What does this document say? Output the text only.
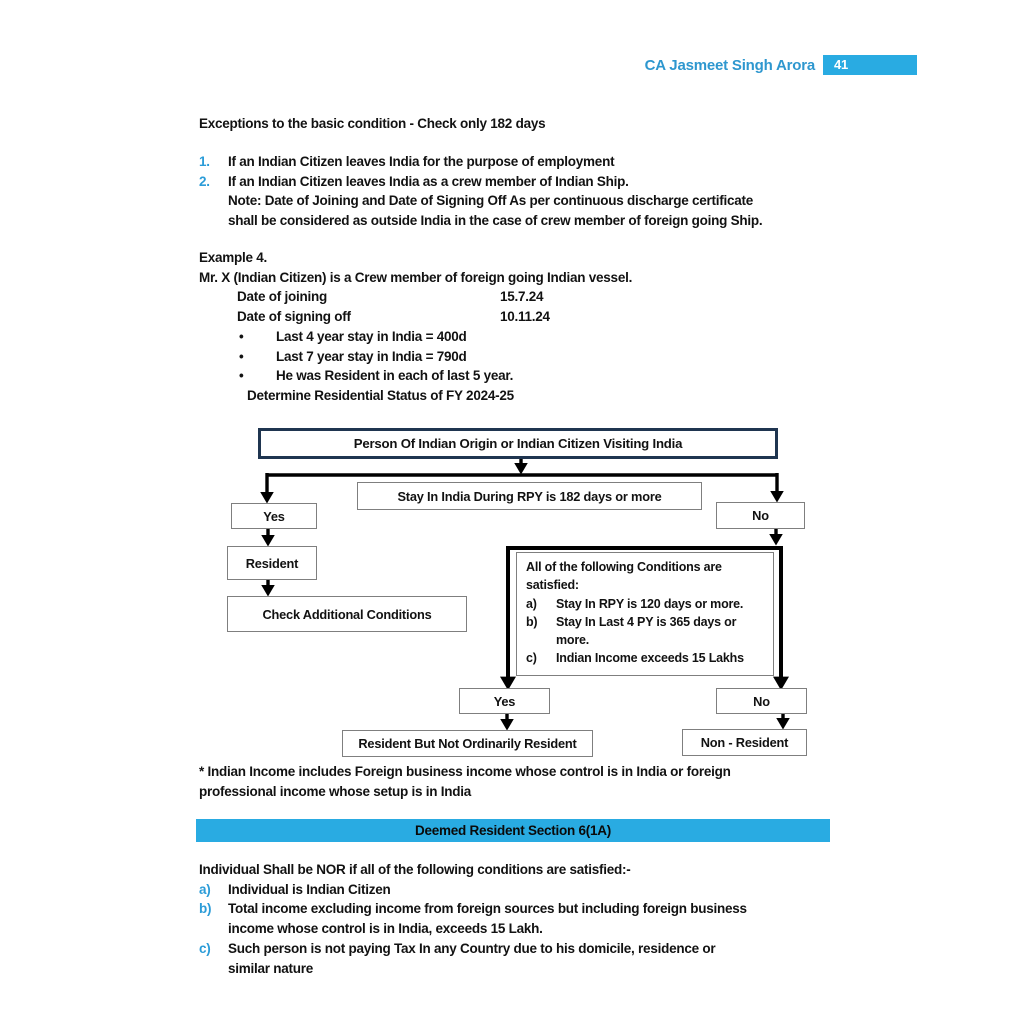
CA Jasmeet Singh Arora	41
Exceptions to the basic condition - Check only 182 days
1. If an Indian Citizen leaves India for the purpose of employment
2. If an Indian Citizen leaves India as a crew member of Indian Ship.
Note: Date of Joining and Date of Signing Off As per continuous discharge certificate
shall be considered as outside India in the case of crew member of foreign going Ship.
Example 4.
Mr. X (Indian Citizen) is a Crew member of foreign going Indian vessel.
Date of joining	15.7.24
Date of signing off	10.11.24
• Last 4 year stay in India = 400d
• Last 7 year stay in India = 790d
• He was Resident in each of last 5 year.
Determine Residential Status of FY 2024-25
Person Of Indian Origin or Indian Citizen Visiting India
Stay In India During RPY is 182 days or more
Yes	No
Resident
Check Additional Conditions
All of the following Conditions are
satisfied:
a) Stay In RPY is 120 days or more.
b) Stay In Last 4 PY is 365 days or
more.
c) Indian Income exceeds 15 Lakhs
Yes	No
Resident But Not Ordinarily Resident	Non - Resident
* Indian Income includes Foreign business income whose control is in India or foreign
professional income whose setup is in India
Deemed Resident Section 6(1A)
Individual Shall be NOR if all of the following conditions are satisfied:-
a) Individual is Indian Citizen
b) Total income excluding income from foreign sources but including foreign business
income whose control is in India, exceeds 15 Lakh.
c) Such person is not paying Tax In any Country due to his domicile, residence or
similar nature
